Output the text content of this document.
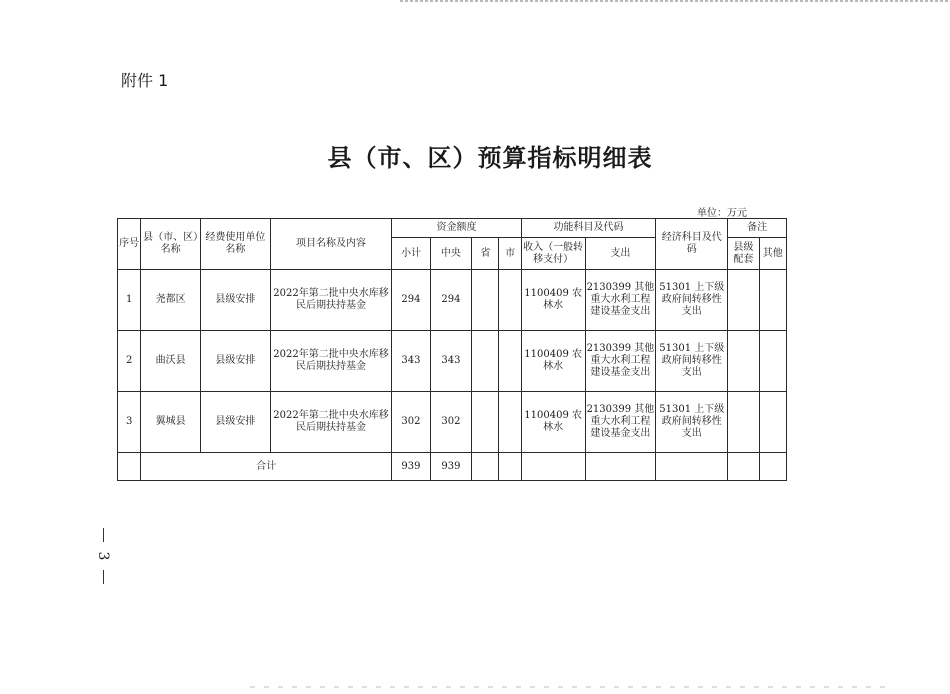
附件 1
县（市、区）预算指标明细表
单位：万元
序号	县（市、区）名称	经费使用单位名称	项目名称及内容	资金额度				功能科目及代码		经济科目及代码	备注	
				小计	中央	省	市	收入（一般转移支付）	支出		县级配套	其他
1	尧都区	县级安排	2022年第二批中央水库移民后期扶持基金	294	294			1100409 农林水	2130399 其他重大水利工程建设基金支出	51301 上下级政府间转移性支出		
2	曲沃县	县级安排	2022年第二批中央水库移民后期扶持基金	343	343			1100409 农林水	2130399 其他重大水利工程建设基金支出	51301 上下级政府间转移性支出		
3	翼城县	县级安排	2022年第二批中央水库移民后期扶持基金	302	302			1100409 农林水	2130399 其他重大水利工程建设基金支出	51301 上下级政府间转移性支出		
	合计			939	939							
3
